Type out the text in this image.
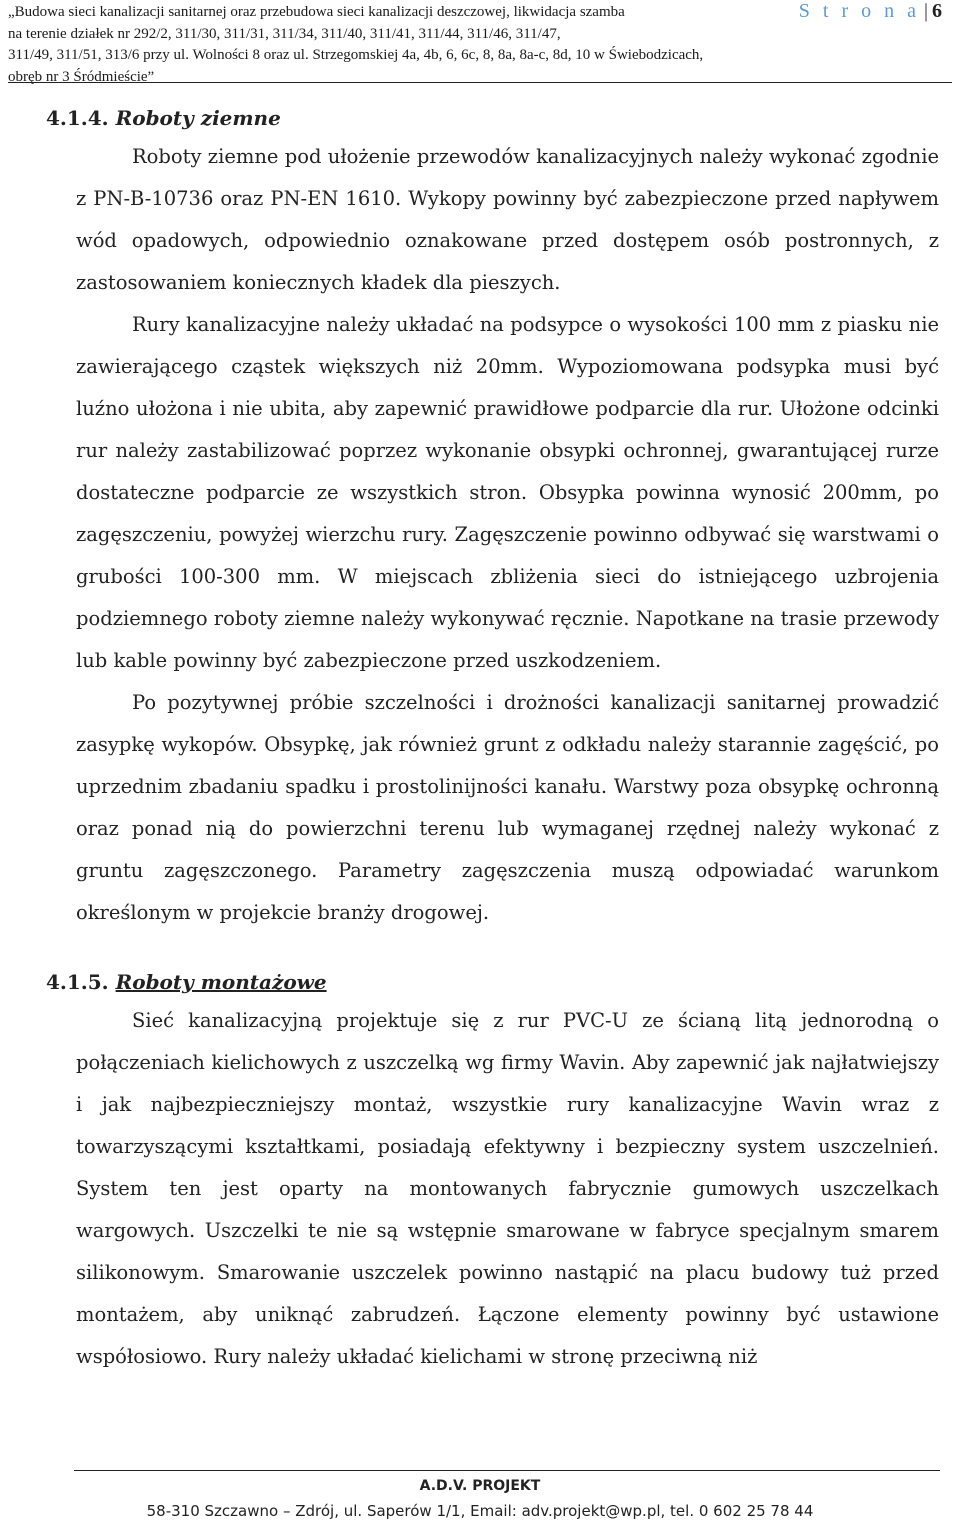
„Budowa sieci kanalizacji sanitarnej oraz przebudowa sieci kanalizacji deszczowej, likwidacja szamba
na terenie działek nr 292/2, 311/30, 311/31, 311/34, 311/40, 311/41, 311/44, 311/46, 311/47,
311/49, 311/51, 313/6 przy ul. Wolności 8 oraz ul. Strzegomskiej 4a, 4b, 6, 6c, 8, 8a, 8a-c, 8d, 10 w Świebodzicach,
obręb nr 3 Śródmieście”
S t r o n a | 6
4.1.4. Roboty ziemne

Roboty ziemne pod ułożenie przewodów kanalizacyjnych należy wykonać zgodnie z PN-B-10736 oraz PN-EN 1610. Wykopy powinny być zabezpieczone przed napływem wód opadowych, odpowiednio oznakowane przed dostępem osób postronnych, z zastosowaniem koniecznych kładek dla pieszych.

Rury kanalizacyjne należy układać na podsypce o wysokości 100 mm z piasku nie zawierającego cząstek większych niż 20mm. Wypoziomowana podsypka musi być luźno ułożona i nie ubita, aby zapewnić prawidłowe podparcie dla rur. Ułożone odcinki rur należy zastabilizować poprzez wykonanie obsypki ochronnej, gwarantującej rurze dostateczne podparcie ze wszystkich stron. Obsypka powinna wynosić 200mm, po zagęszczeniu, powyżej wierzchu rury. Zagęszczenie powinno odbywać się warstwami o grubości 100-300 mm. W miejscach zbliżenia sieci do istniejącego uzbrojenia podziemnego roboty ziemne należy wykonywać ręcznie. Napotkane na trasie przewody lub kable powinny być zabezpieczone przed uszkodzeniem.

Po pozytywnej próbie szczelności i drożności kanalizacji sanitarnej prowadzić zasypkę wykopów. Obsypkę, jak również grunt z odkładu należy starannie zagęścić, po uprzednim zbadaniu spadku i prostolinijności kanału. Warstwy poza obsypkę ochronną oraz ponad nią do powierzchni terenu lub wymaganej rzędnej należy wykonać z gruntu zagęszczonego. Parametry zagęszczenia muszą odpowiadać warunkom określonym w projekcie branży drogowej.

4.1.5. Roboty montażowe

Sieć kanalizacyjną projektuje się z rur PVC-U ze ścianą litą jednorodną o połączeniach kielichowych z uszczelką wg firmy Wavin. Aby zapewnić jak najłatwiejszy i jak najbezpieczniejszy montaż, wszystkie rury kanalizacyjne Wavin wraz z towarzyszącymi kształtkami, posiadają efektywny i bezpieczny system uszczelnień. System ten jest oparty na montowanych fabrycznie gumowych uszczelkach wargowych. Uszczelki te nie są wstępnie smarowane w fabryce specjalnym smarem silikonowym. Smarowanie uszczelek powinno nastąpić na placu budowy tuż przed montażem, aby uniknąć zabrudzeń. Łączone elementy powinny być ustawione współosiowo. Rury należy układać kielichami w stronę przeciwną niż

A.D.V. PROJEKT
58-310 Szczawno – Zdrój, ul. Saperów 1/1, Email: adv.projekt@wp.pl, tel. 0 602 25 78 44
